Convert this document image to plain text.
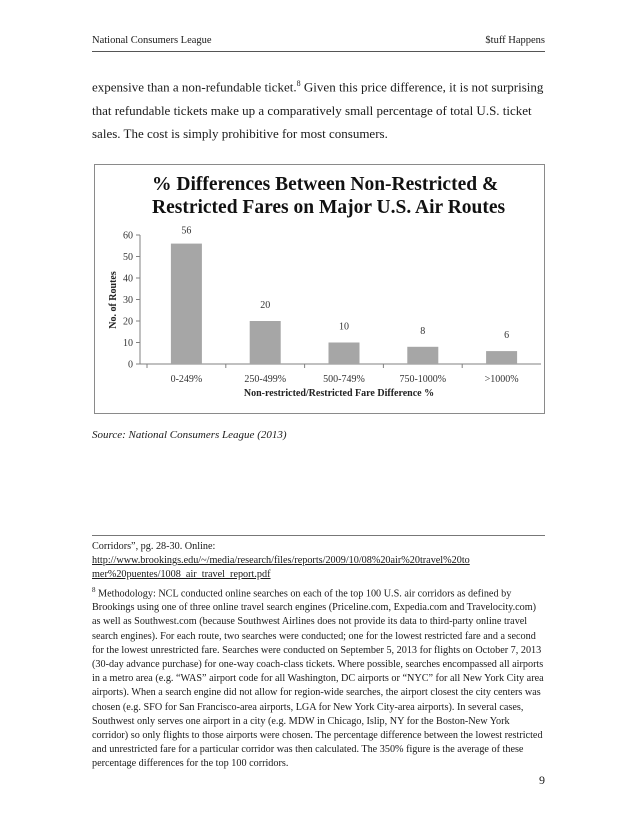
National Consumers League	$tuff Happens
expensive than a non-refundable ticket.$^8$ Given this price difference, it is not surprising that refundable tickets make up a comparatively small percentage of total U.S. ticket sales. The cost is simply prohibitive for most consumers.
% Differences Between Non-Restricted &
Restricted Fares on Major U.S. Air Routes
No. of Routes
Non-restricted/Restricted Fare Difference %
0
10
20
30
40
50
60	56
0-249%
20
250-499%
10
500-749%
8
750-1000%
6
>1000%
Source: National Consumers League (2013)

Corridors”, pg. 28-30. Online:

http://www.brookings.edu/~/media/research/files/reports/2009/10/08%20air%20travel%20to mer%20puentes/1008_air_travel_report.pdf

$^8$ Methodology: NCL conducted online searches on each of the top 100 U.S. air corridors as defined by Brookings using one of three online travel search engines (Priceline.com, Expedia.com and Travelocity.com) as well as Southwest.com (because Southwest Airlines does not provide its data to third-party online travel search engines). For each route, two searches were conducted; one for the lowest restricted fare and a second for the lowest unrestricted fare. Searches were conducted on September 5, 2013 for flights on October 7, 2013 (30-day advance purchase) for one-way coach-class tickets. Where possible, searches encompassed all airports in a metro area (e.g. “WAS” airport code for all Washington, DC airports or “NYC” for all New York City area airports). When a search engine did not allow for region-wide searches, the airport closest the city centers was chosen (e.g. SFO for San Francisco-area airports, LGA for New York City-area airports). In several cases, Southwest only serves one airport in a city (e.g. MDW in Chicago, Islip, NY for the Boston-New York corridor) so only flights to those airports were chosen. The percentage difference between the lowest restricted and unrestricted fare for a particular corridor was then calculated. The 350% figure is the average of these percentage differences for the top 100 corridors.

9
